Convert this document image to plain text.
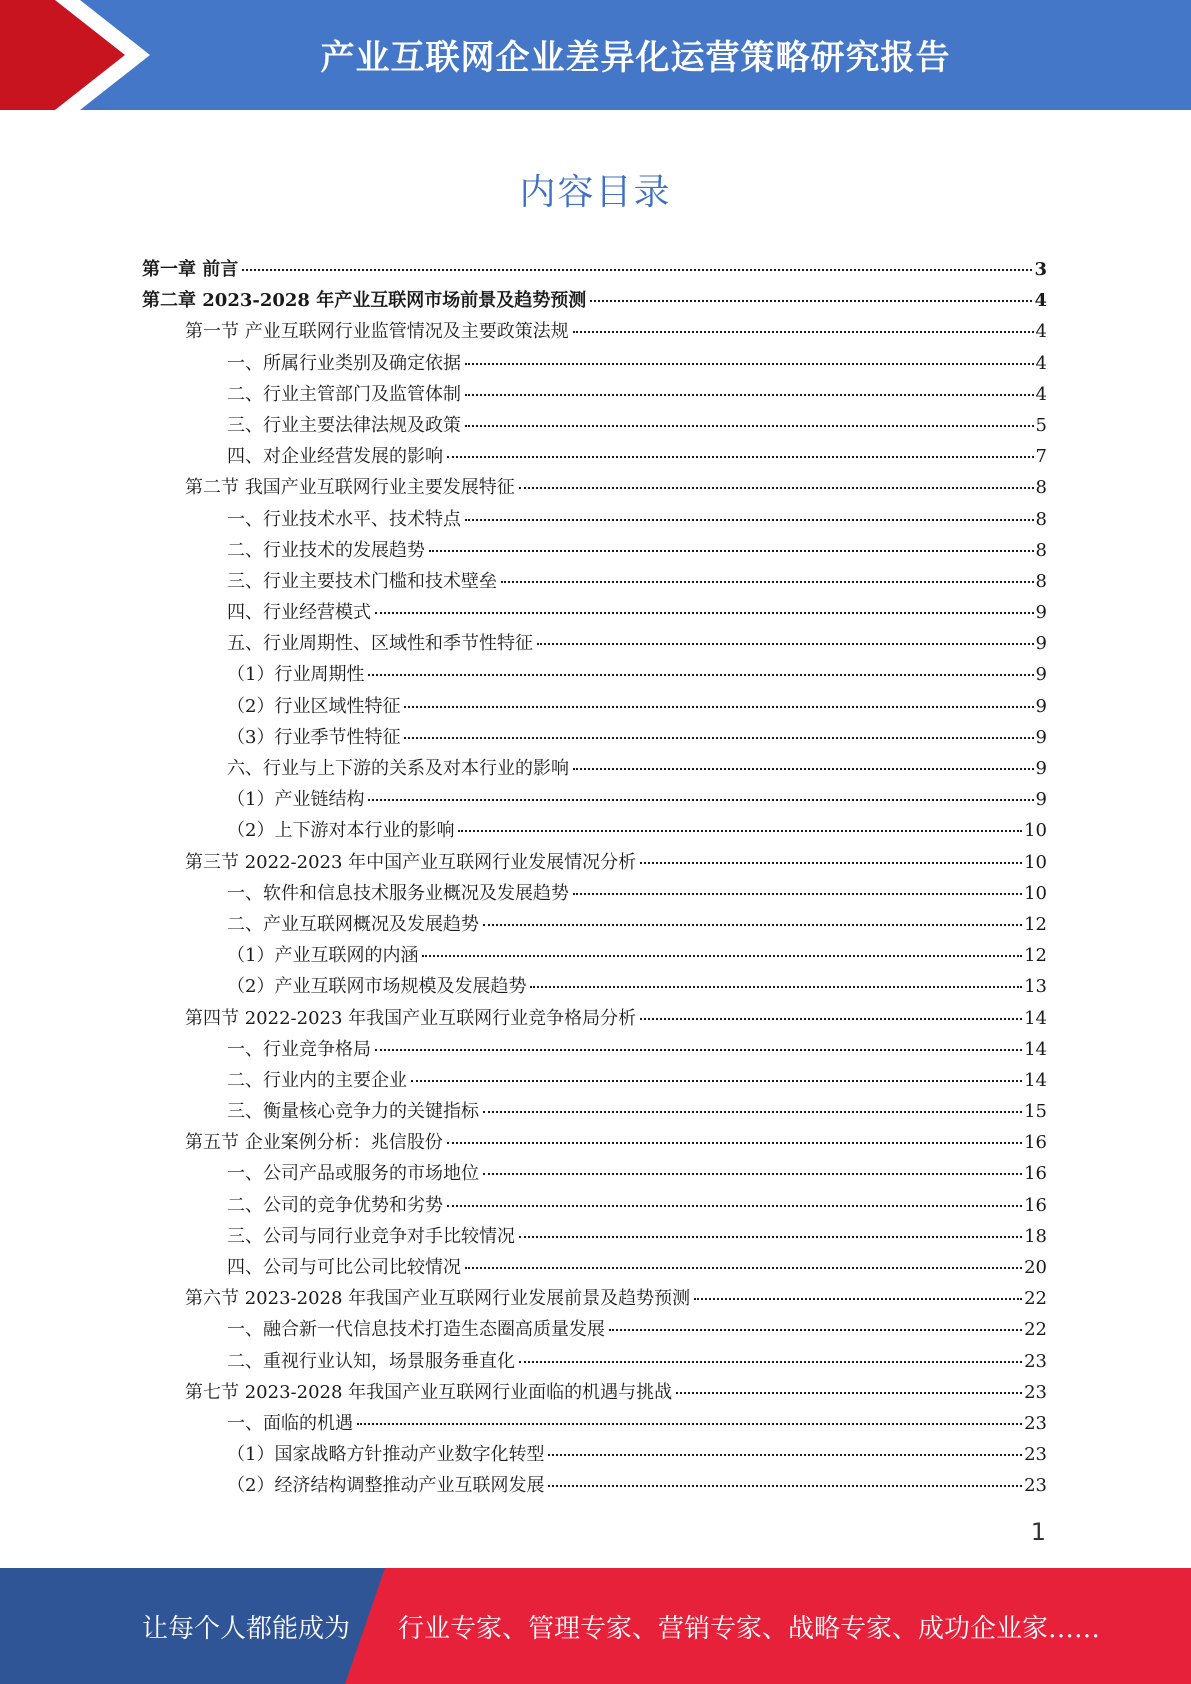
产业互联网企业差异化运营策略研究报告
内容目录
第一章 前言	3
第二章 2023-2028 年产业互联网市场前景及趋势预测	4
第一节 产业互联网行业监管情况及主要政策法规	4
一、所属行业类别及确定依据	4
二、行业主管部门及监管体制	4
三、行业主要法律法规及政策	5
四、对企业经营发展的影响	7
第二节 我国产业互联网行业主要发展特征	8
一、行业技术水平、技术特点	8
二、行业技术的发展趋势	8
三、行业主要技术门槛和技术壁垒	8
四、行业经营模式	9
五、行业周期性、区域性和季节性特征	9
（1）行业周期性	9
（2）行业区域性特征	9
（3）行业季节性特征	9
六、行业与上下游的关系及对本行业的影响	9
（1）产业链结构	9
（2）上下游对本行业的影响	10
第三节 2022-2023 年中国产业互联网行业发展情况分析	10
一、软件和信息技术服务业概况及发展趋势	10
二、产业互联网概况及发展趋势	12
（1）产业互联网的内涵	12
（2）产业互联网市场规模及发展趋势	13
第四节 2022-2023 年我国产业互联网行业竞争格局分析	14
一、行业竞争格局	14
二、行业内的主要企业	14
三、衡量核心竞争力的关键指标	15
第五节 企业案例分析：兆信股份	16
一、公司产品或服务的市场地位	16
二、公司的竞争优势和劣势	16
三、公司与同行业竞争对手比较情况	18
四、公司与可比公司比较情况	20
第六节 2023-2028 年我国产业互联网行业发展前景及趋势预测	22
一、融合新一代信息技术打造生态圈高质量发展	22
二、重视行业认知，场景服务垂直化	23
第七节 2023-2028 年我国产业互联网行业面临的机遇与挑战	23
一、面临的机遇	23
（1）国家战略方针推动产业数字化转型	23
（2）经济结构调整推动产业互联网发展	23
1
让每个人都能成为 行业专家、管理专家、营销专家、战略专家、成功企业家……
